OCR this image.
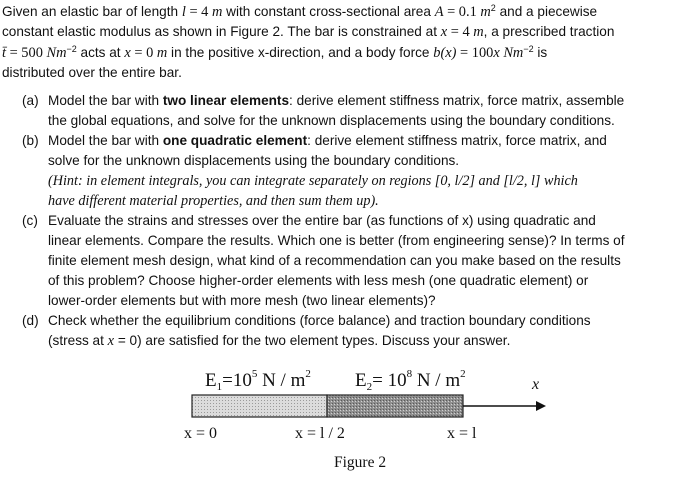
Given an elastic bar of length l = 4 m with constant cross-sectional area A = 0.1 $m^2$ and a piecewise
constant elastic modulus as shown in Figure 2. The bar is constrained at x = 4 m, a prescribed traction
t̄ = 500 $Nm^{-2}$ acts at x = 0 m in the positive x-direction, and a body force b(x) = 100x $Nm^{-2}$ is
distributed over the entire bar.
(a) Model the bar with two linear elements: derive element stiffness matrix, force matrix, assemble
the global equations, and solve for the unknown displacements using the boundary conditions.
(b) Model the bar with one quadratic element: derive element stiffness matrix, force matrix, and
solve for the unknown displacements using the boundary conditions.
(Hint: in element integrals, you can integrate separately on regions [0, l/2] and [l/2, l] which
have different material properties, and then sum them up).
(c) Evaluate the strains and stresses over the entire bar (as functions of x) using quadratic and
linear elements. Compare the results. Which one is better (from engineering sense)? In terms of
finite element mesh design, what kind of a recommendation can you make based on the results
of this problem? Choose higher-order elements with less mesh (one quadratic element) or
lower-order elements but with more mesh (two linear elements)?
(d) Check whether the equilibrium conditions (force balance) and traction boundary conditions
(stress at x = 0) are satisfied for the two element types. Discuss your answer.
$E_1=10^5$ N / $m^2$ $E_2= 10^8$ N / $m^2$
x
x = 0	x = l / 2	x = l
Figure 2
